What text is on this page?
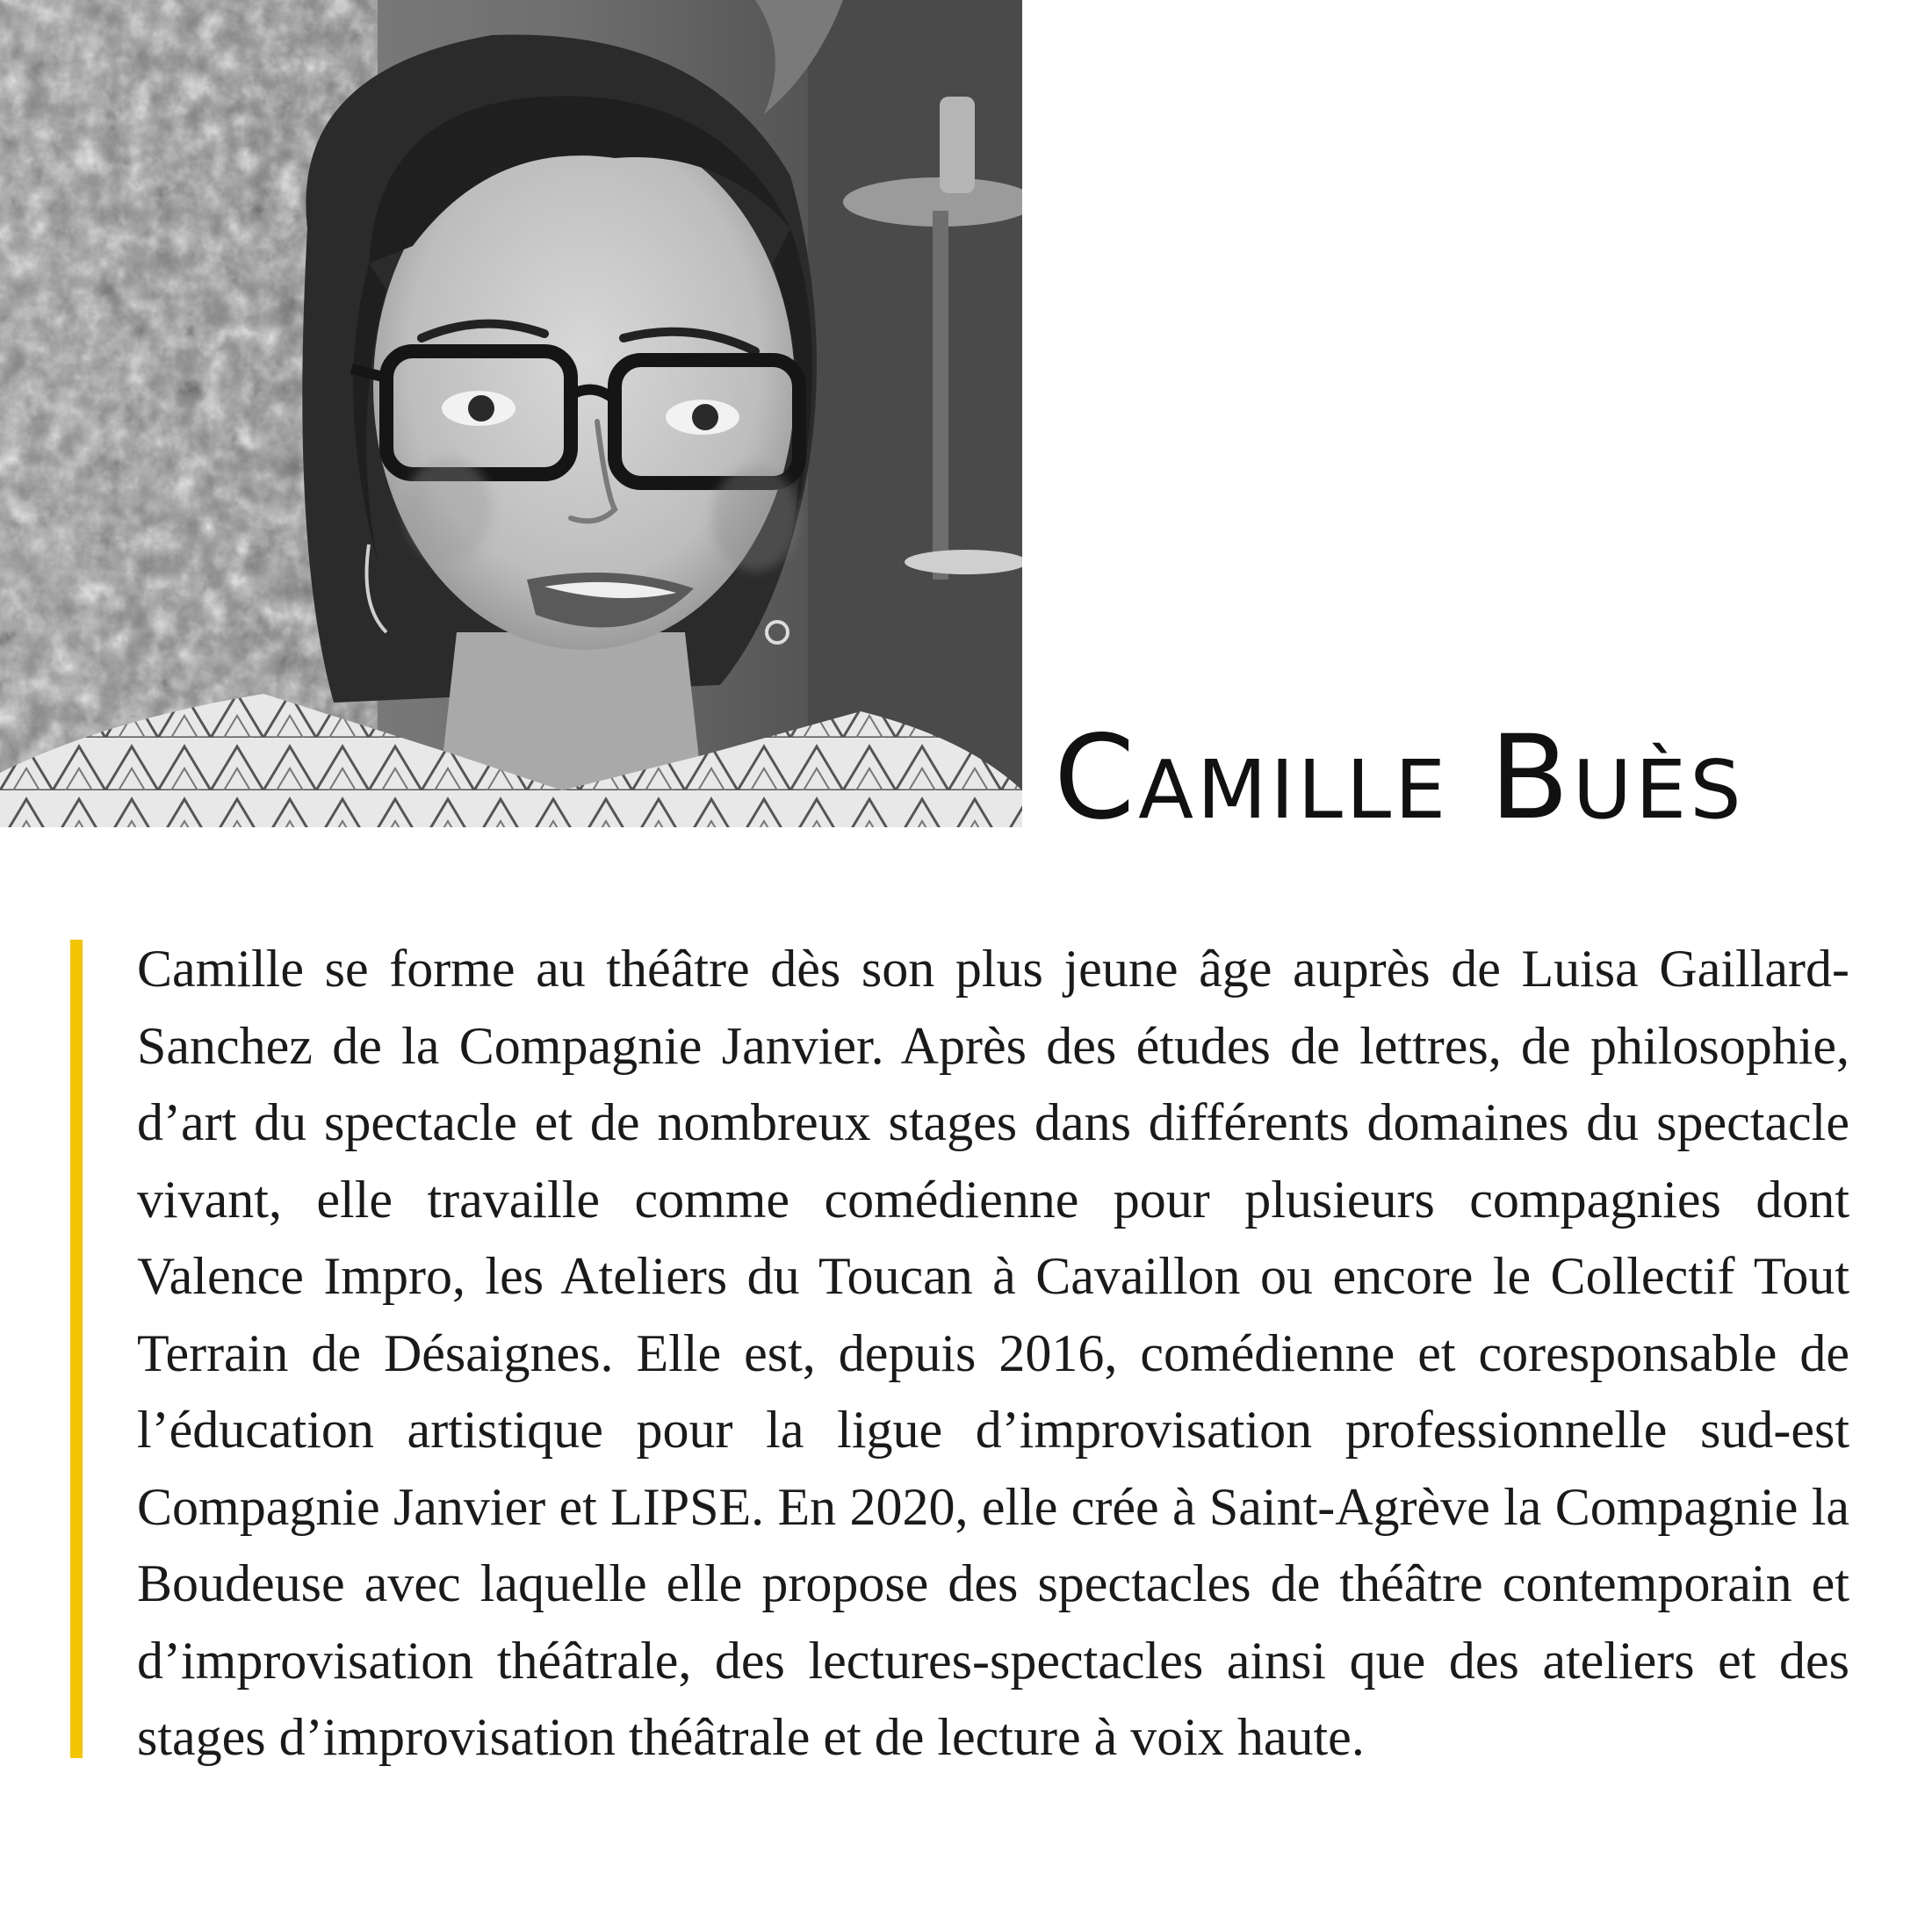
Camille Buès

Camille se forme au théâtre dès son plus jeune âge auprès de Luisa Gaillard-Sanchez de la Compagnie Janvier. Après des études de lettres, de philosophie, d’art du spectacle et de nombreux stages dans différents domaines du spectacle vivant, elle travaille comme comédienne pour plusieurs compagnies dont Valence Impro, les Ateliers du Toucan à Cavaillon ou encore le Collectif Tout Terrain de Désaignes. Elle est, depuis 2016, comédienne et coresponsable de l’éducation artistique pour la ligue d’improvisation professionnelle sud-est Compagnie Janvier et LIPSE. En 2020, elle crée à Saint-Agrève la Compagnie la Boudeuse avec laquelle elle propose des spectacles de théâtre contemporain et d’improvisation théâtrale, des lectures-spectacles ainsi que des ateliers et des stages d’improvisation théâtrale et de lecture à voix haute.
